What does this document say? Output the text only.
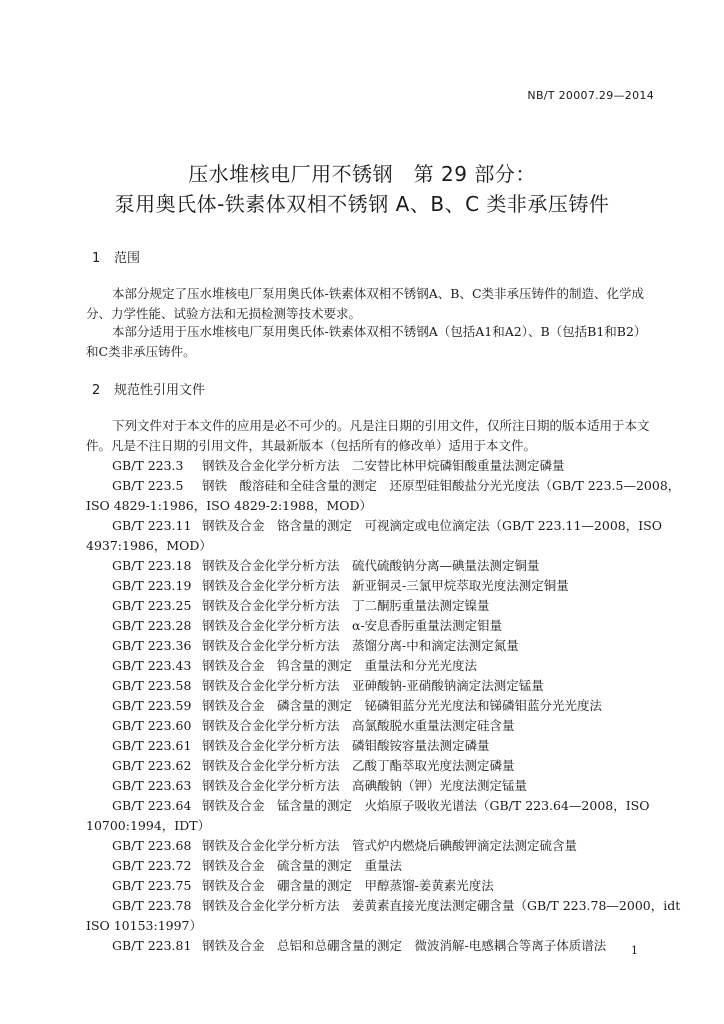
NB/T 20007.29—2014
压水堆核电厂用不锈钢　第 29 部分：
泵用奥氏体-铁素体双相不锈钢 A、B、C 类非承压铸件
1 范围
本部分规定了压水堆核电厂泵用奥氏体-铁素体双相不锈钢A、B、C类非承压铸件的制造、化学成
分、力学性能、试验方法和无损检测等技术要求。
本部分适用于压水堆核电厂泵用奥氏体-铁素体双相不锈钢A（包括A1和A2）、B（包括B1和B2）
和C类非承压铸件。
2 规范性引用文件
下列文件对于本文件的应用是必不可少的。凡是注日期的引用文件，仅所注日期的版本适用于本文
件。凡是不注日期的引用文件，其最新版本（包括所有的修改单）适用于本文件。
GB/T 223.3 钢铁及合金化学分析方法　二安替比林甲烷磷钼酸重量法测定磷量
GB/T 223.5 钢铁　酸溶硅和全硅含量的测定　还原型硅钼酸盐分光光度法（GB/T 223.5—2008，
ISO 4829-1:1986，ISO 4829-2:1988，MOD）
GB/T 223.11 钢铁及合金　铬含量的测定　可视滴定或电位滴定法（GB/T 223.11—2008，ISO
4937:1986，MOD）
GB/T 223.18 钢铁及合金化学分析方法　硫代硫酸钠分离—碘量法测定铜量
GB/T 223.19 钢铁及合金化学分析方法　新亚铜灵-三氯甲烷萃取光度法测定铜量
GB/T 223.25 钢铁及合金化学分析方法　丁二酮肟重量法测定镍量
GB/T 223.28 钢铁及合金化学分析方法　α-安息香肟重量法测定钼量
GB/T 223.36 钢铁及合金化学分析方法　蒸馏分离-中和滴定法测定氮量
GB/T 223.43 钢铁及合金　钨含量的测定　重量法和分光光度法
GB/T 223.58 钢铁及合金化学分析方法　亚砷酸钠-亚硝酸钠滴定法测定锰量
GB/T 223.59 钢铁及合金　磷含量的测定　铋磷钼蓝分光光度法和锑磷钼蓝分光光度法
GB/T 223.60 钢铁及合金化学分析方法　高氯酸脱水重量法测定硅含量
GB/T 223.61 钢铁及合金化学分析方法　磷钼酸铵容量法测定磷量
GB/T 223.62 钢铁及合金化学分析方法　乙酸丁酯萃取光度法测定磷量
GB/T 223.63 钢铁及合金化学分析方法　高碘酸钠（钾）光度法测定锰量
GB/T 223.64 钢铁及合金　锰含量的测定　火焰原子吸收光谱法（GB/T 223.64—2008，ISO
10700:1994，IDT）
GB/T 223.68 钢铁及合金化学分析方法　管式炉内燃烧后碘酸钾滴定法测定硫含量
GB/T 223.72 钢铁及合金　硫含量的测定　重量法
GB/T 223.75 钢铁及合金　硼含量的测定　甲醇蒸馏-姜黄素光度法
GB/T 223.78 钢铁及合金化学分析方法　姜黄素直接光度法测定硼含量（GB/T 223.78—2000，idt
ISO 10153:1997）
GB/T 223.81 钢铁及合金　总铝和总硼含量的测定　微波消解-电感耦合等离子体质谱法 1
